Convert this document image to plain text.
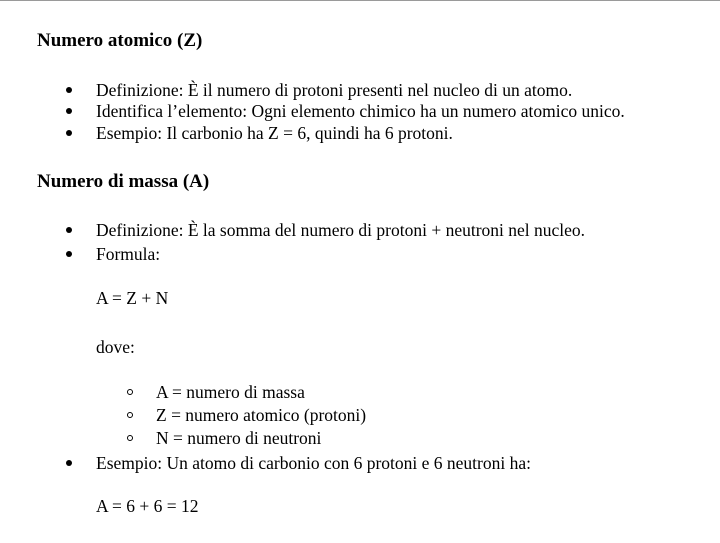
Numero atomico (Z)
Definizione: È il numero di protoni presenti nel nucleo di un atomo.
Identifica l’elemento: Ogni elemento chimico ha un numero atomico unico.
Esempio: Il carbonio ha Z = 6, quindi ha 6 protoni.
Numero di massa (A)
Definizione: È la somma del numero di protoni + neutroni nel nucleo.
Formula:
A = Z + N
dove:
A = numero di massa
Z = numero atomico (protoni)
N = numero di neutroni
Esempio: Un atomo di carbonio con 6 protoni e 6 neutroni ha:
A = 6 + 6 = 12
